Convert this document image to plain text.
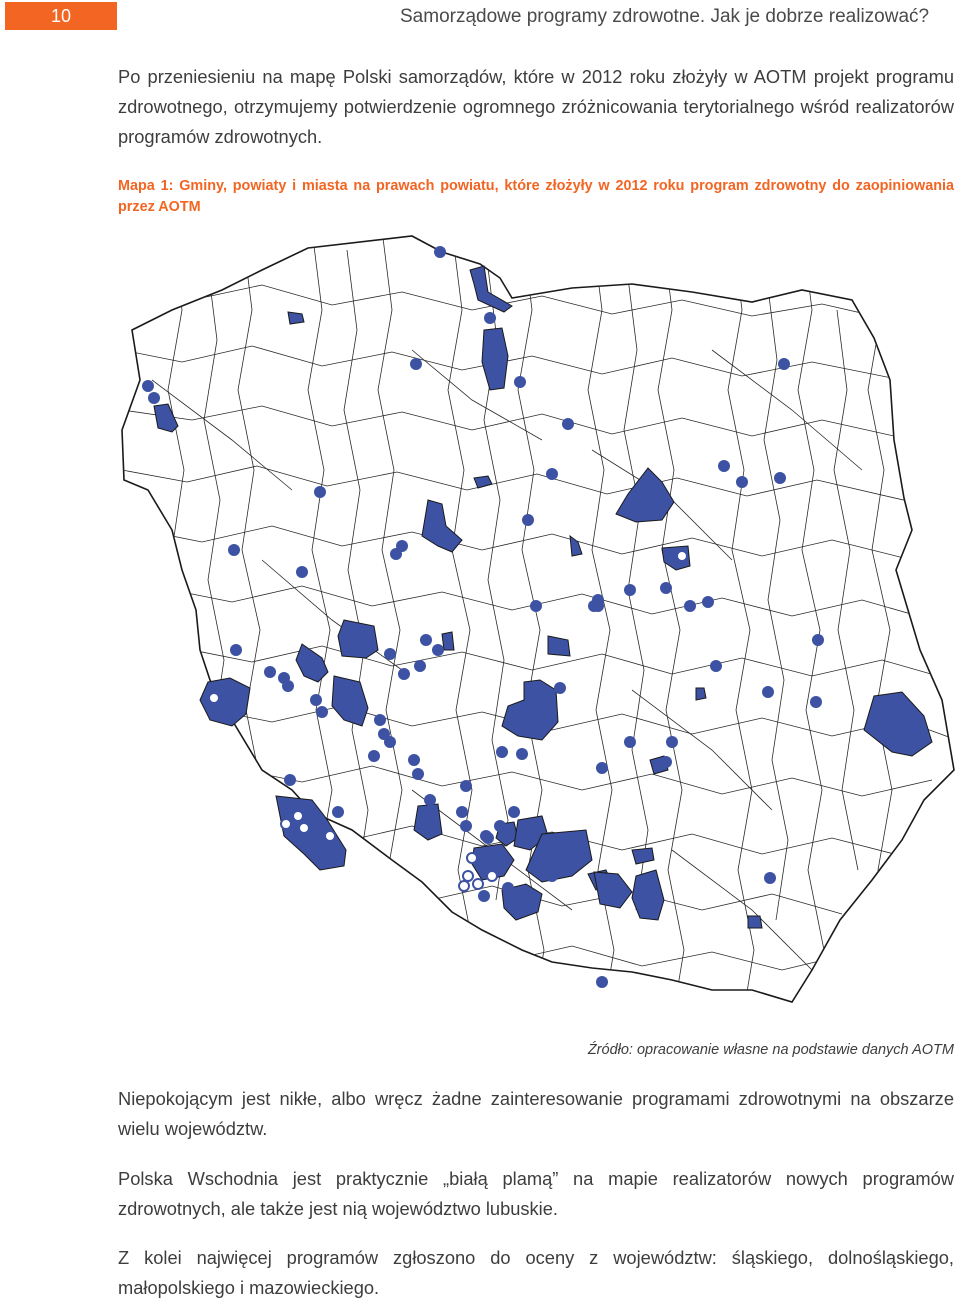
10	Samorządowe programy zdrowotne. Jak je dobrze realizować?
Po przeniesieniu na mapę Polski samorządów, które w 2012 roku złożyły w AOTM projekt programu zdrowotnego, otrzymujemy potwierdzenie ogromnego zróżnicowania terytorialnego wśród realizatorów programów zdrowotnych.
Mapa 1: Gminy, powiaty i miasta na prawach powiatu, które złożyły w 2012 roku program zdrowotny do zaopiniowania przez AOTM
Źródło: opracowanie własne na podstawie danych AOTM
Niepokojącym jest nikłe, albo wręcz żadne zainteresowanie programami zdrowotnymi na obszarze wielu województw.
Polska Wschodnia jest praktycznie „białą plamą” na mapie realizatorów nowych programów zdrowotnych, ale także jest nią województwo lubuskie.
Z kolei najwięcej programów zgłoszono do oceny z województw: śląskiego, dolnośląskiego, małopolskiego i mazowieckiego.
